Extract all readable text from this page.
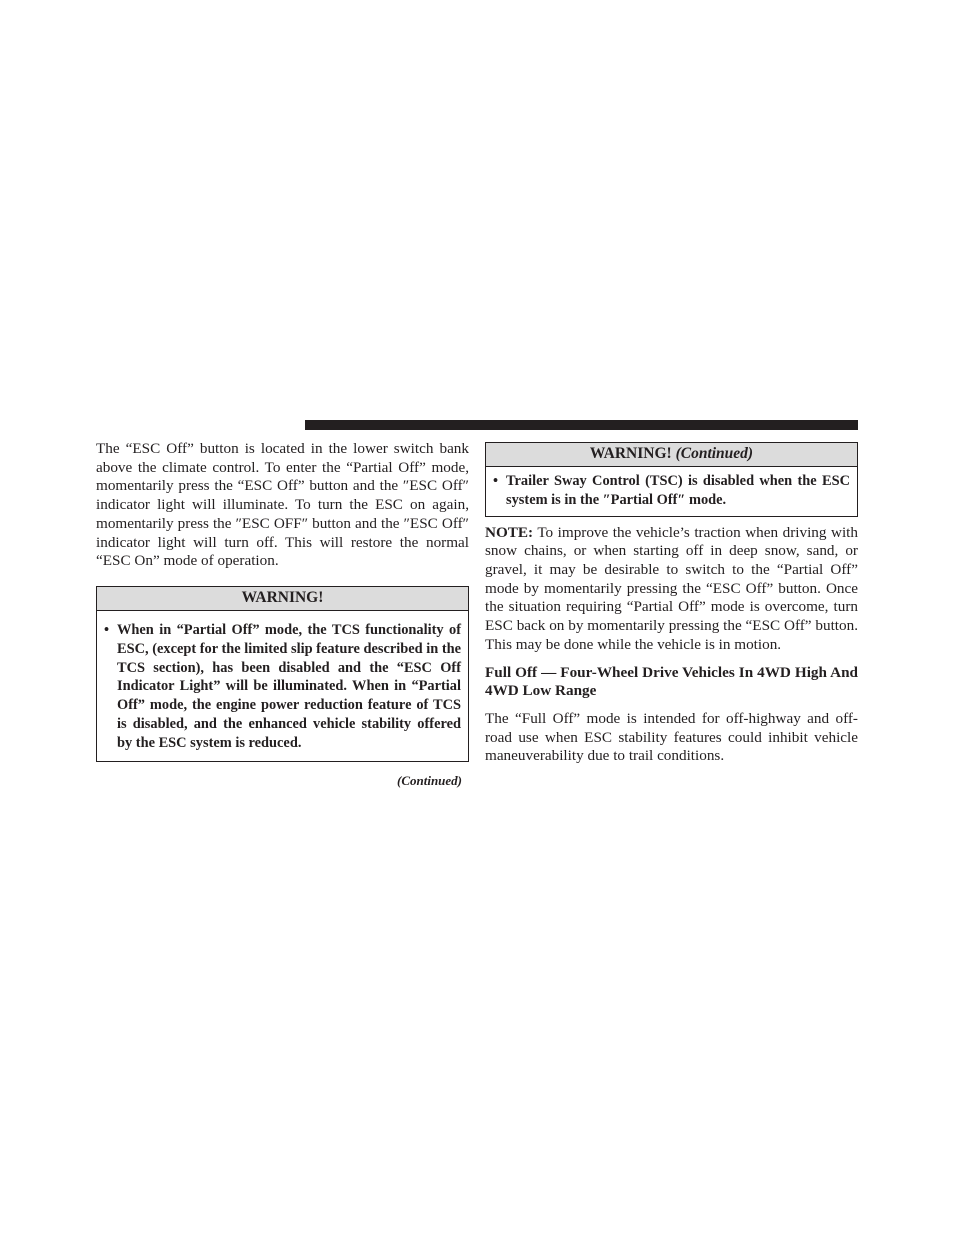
The “ESC Off” button is located in the lower switch bank above the climate control. To enter the “Partial Off” mode, momentarily press the “ESC Off” button and the ″ESC Off″ indicator light will illuminate. To turn the ESC on again, momentarily press the ″ESC OFF″ button and the ″ESC Off″ indicator light will turn off. This will restore the normal “ESC On” mode of operation.

WARNING!
• When in “Partial Off” mode, the TCS functionality of ESC, (except for the limited slip feature described in the TCS section), has been disabled and the “ESC Off Indicator Light” will be illuminated. When in “Partial Off” mode, the engine power reduction feature of TCS is disabled, and the enhanced vehicle stability offered by the ESC system is reduced.
(Continued)
WARNING! (Continued)
• Trailer Sway Control (TSC) is disabled when the ESC system is in the ″Partial Off″ mode.

NOTE: To improve the vehicle’s traction when driving with snow chains, or when starting off in deep snow, sand, or gravel, it may be desirable to switch to the “Partial Off” mode by momentarily pressing the “ESC Off” button. Once the situation requiring “Partial Off” mode is overcome, turn ESC back on by momentarily pressing the “ESC Off” button. This may be done while the vehicle is in motion.

Full Off — Four-Wheel Drive Vehicles In 4WD High And 4WD Low Range

The “Full Off” mode is intended for off-highway and off-road use when ESC stability features could inhibit vehicle maneuverability due to trail conditions.
